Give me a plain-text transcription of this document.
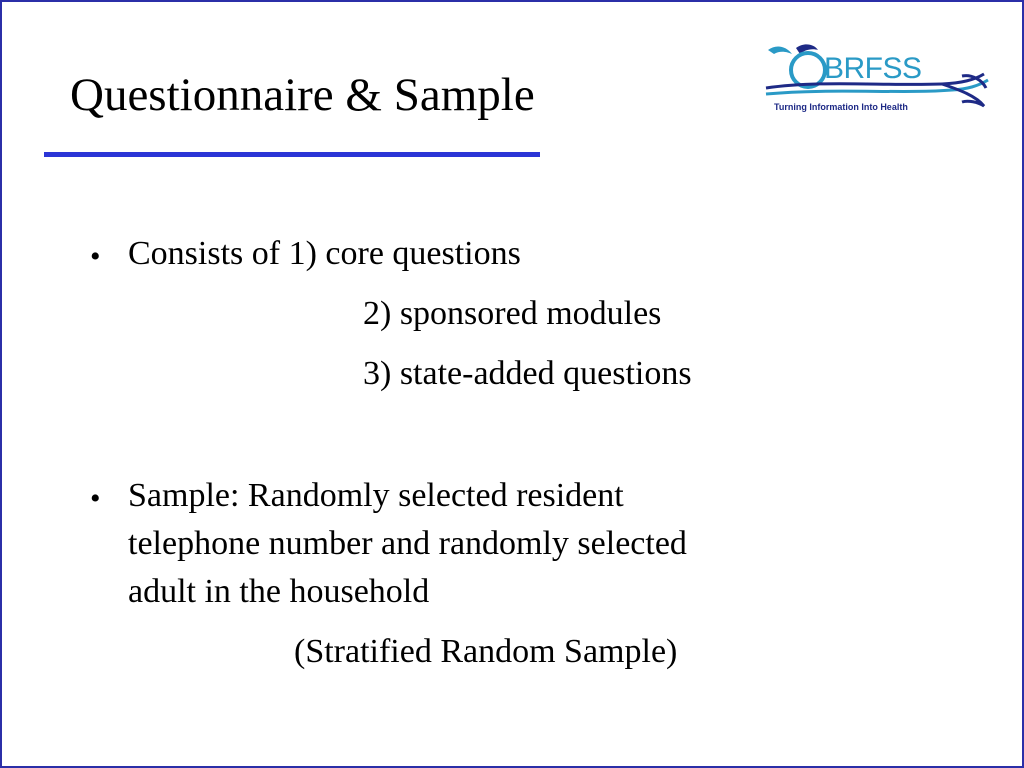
Questionnaire & Sample
BRFSS
Turning Information Into Health
• Consists of 1) core questions
2) sponsored modules
3) state-added questions
• Sample: Randomly selected resident
telephone number and randomly selected
adult in the household
(Stratified Random Sample)
